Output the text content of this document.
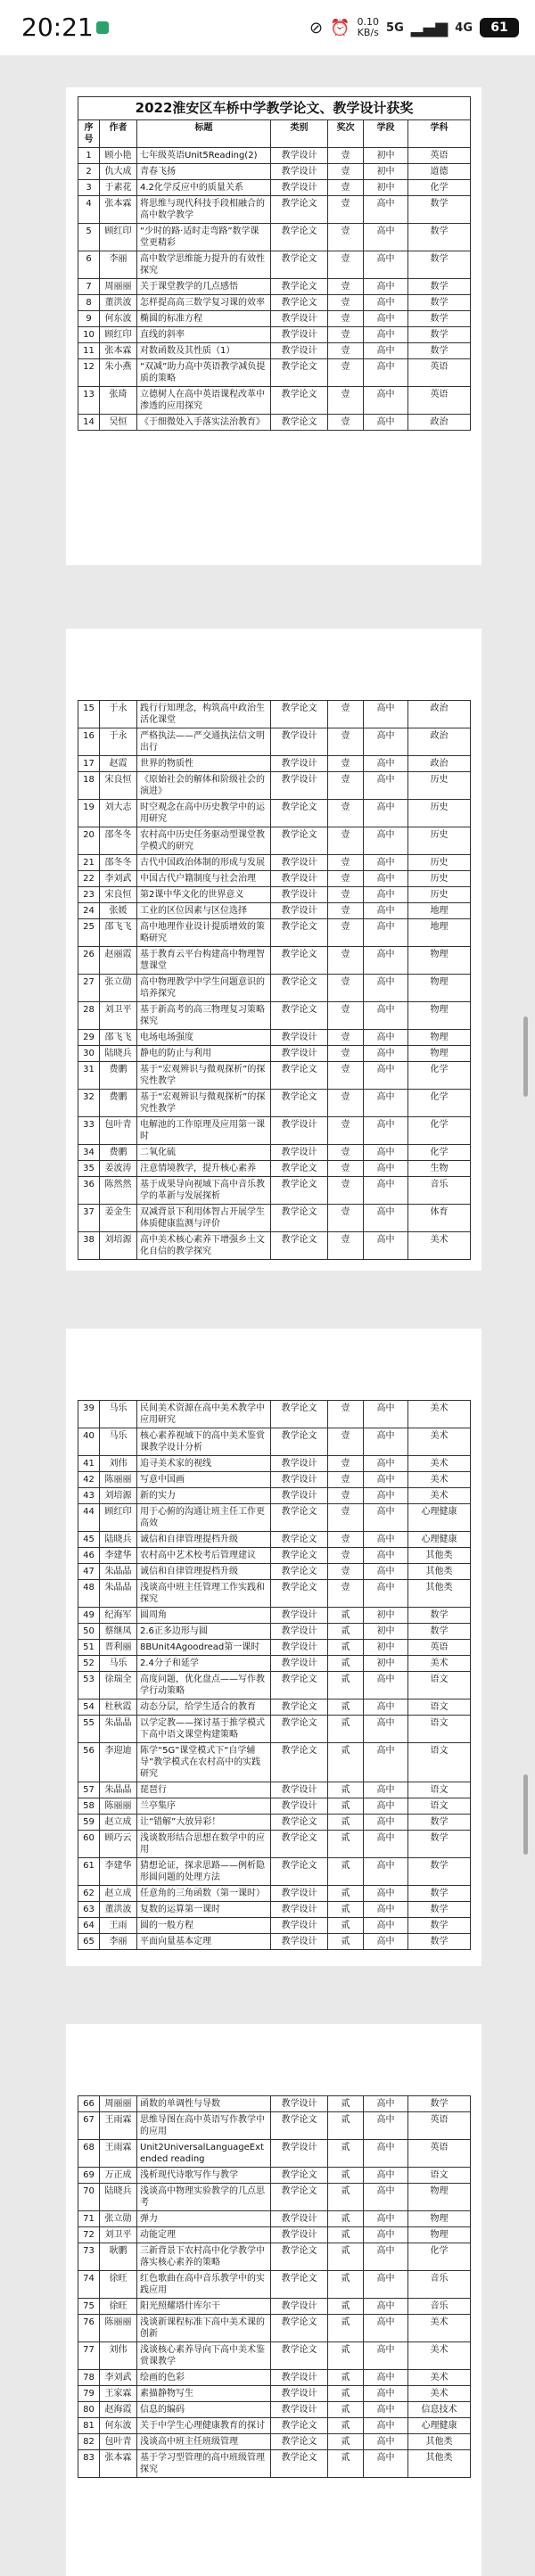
20:21	⊘ ⏰ 0.10
KB/s 5G ▂▄▆ 4G	61
2022淮安区车桥中学教学论文、教学设计获奖						
序号	作者	标题	类别	奖次	学段	学科
1	顾小艳	七年级英语Unit5Reading(2)	教学设计	壹	初中	英语
2	仇大成	青春飞扬	教学设计	壹	初中	道德
3	于素花	4.2化学反应中的质量关系	教学设计	壹	初中	化学
4	张本霖	将思维与现代科技手段相融合的高中数学教学	教学论文	壹	高中	数学
5	顾红印	“少时的路·适时走弯路”数学课堂更精彩	教学论文	壹	高中	数学
6	李丽	高中数学思维能力提升的有效性探究	教学论文	壹	高中	数学
7	周丽丽	关于课堂教学的几点感悟	教学论文	壹	高中	数学
8	董洪波	怎样提高高三数学复习课的效率	教学论文	壹	高中	数学
9	何东波	椭圆的标准方程	教学设计	壹	高中	数学
10	顾红印	直线的斜率	教学设计	壹	高中	数学
11	张本霖	对数函数及其性质（1）	教学设计	壹	高中	数学
12	朱小燕	“双减”助力高中英语教学减负提质的策略	教学论文	壹	高中	英语
13	张琦	立德树人在高中英语课程改革中渗透的应用探究	教学论文	壹	高中	英语
14	吴恒	《于细微处入手落实法治教育》	教学论文	壹	高中	政治
15	于永	践行行知理念，构筑高中政治生活化课堂	教学论文	壹	高中	政治
16	于永	严格执法——严交通执法信文明出行	教学设计	壹	高中	政治
17	赵霞	世界的物质性	教学设计	壹	高中	政治
18	宋良恒	《原始社会的解体和阶级社会的演进》	教学设计	壹	高中	历史
19	刘大志	时空观念在高中历史教学中的运用研究	教学论文	壹	高中	历史
20	邵冬冬	农村高中历史任务驱动型课堂教学模式的研究	教学论文	壹	高中	历史
21	邵冬冬	古代中国政治体制的形成与发展	教学设计	壹	高中	历史
22	李刘武	中国古代户籍制度与社会治理	教学设计	壹	高中	历史
23	宋良恒	第2课中华文化的世界意义	教学设计	壹	高中	历史
24	张媛	工业的区位因素与区位选择	教学设计	壹	高中	地理
25	邵飞飞	高中地理作业设计提质增效的策略研究	教学论文	壹	高中	地理
26	赵丽霞	基于教育云平台构建高中物理智慧课堂	教学论文	壹	高中	物理
27	张立勋	高中物理教学中学生问题意识的培养探究	教学论文	壹	高中	物理
28	刘卫平	基于新高考的高三物理复习策略探究	教学论文	壹	高中	物理
29	邵飞飞	电场电场强度	教学设计	壹	高中	物理
30	陆晓兵	静电的防止与利用	教学设计	壹	高中	物理
31	费鹏	基于“宏观辨识与微观探析”的探究性教学	教学论文	壹	高中	化学
32	费鹏	基于“宏观辨识与微观探析”的探究性教学	教学论文	壹	高中	化学
33	包叶青	电解池的工作原理及应用第一课时	教学设计	壹	高中	化学
34	费鹏	二氧化硫	教学设计	壹	高中	化学
35	姜波涛	注意情境教学，提升核心素养	教学论文	壹	高中	生物
36	陈然然	基于成果导向视域下高中音乐教学的革新与发展探析	教学论文	壹	高中	音乐
37	姜金生	双减背景下利用体智占开展学生体质健康监测与评价	教学论文	壹	高中	体育
38	刘培源	高中美术核心素养下增强乡土文化自信的教学探究	教学论文	壹	高中	美术
39	马乐	民间美术资源在高中美术教学中应用研究	教学论文	壹	高中	美术
40	马乐	核心素养视域下的高中美术鉴赏课教学设计分析	教学论文	壹	高中	美术
41	刘伟	追寻美术家的视线	教学设计	壹	高中	美术
42	陈丽丽	写意中国画	教学设计	壹	高中	美术
43	刘培源	新的实力	教学设计	壹	高中	美术
44	顾红印	用于心俯的沟通让班主任工作更高效	教学论文	壹	高中	心理健康
45	陆晓兵	诚信和自律管理提档升级	教学论文	壹	高中	心理健康
46	李建华	农村高中艺术校考后管理建议	教学论文	壹	高中	其他类
47	朱晶晶	诚信和自律管理提档升级	教学论文	壹	高中	其他类
48	朱晶晶	浅谈高中班主任管理工作实践和探究	教学论文	壹	高中	其他类
49	纪海军	圆周角	教学设计	贰	初中	数学
50	蔡继凤	2.6正多边形与圆	教学设计	贰	初中	数学
51	晋利丽	8BUnit4Agoodread第一课时	教学设计	贰	初中	英语
52	马乐	2.4分子和延学	教学设计	贰	初中	美术
53	徐瑞全	高度问题，优化盘点——写作教学行动策略	教学论文	贰	高中	语文
54	杜秋霞	动态分层，给学生适合的教育	教学论文	贰	高中	语文
55	朱晶晶	以学定教——探讨基于推学模式下高中语文课堂构建策略	教学论文	贰	高中	语文
56	李迎迪	陈学“5G”课堂模式下“自学辅导”教学模式在农村高中的实践研究	教学论文	贰	高中	语文
57	朱晶晶	琵琶行	教学设计	贰	高中	语文
58	陈丽丽	兰亭集序	教学设计	贰	高中	语文
59	赵立成	让“错解”大放异彩！	教学论文	贰	高中	数学
60	顾巧云	浅谈数形结合思想在数学中的应用	教学论文	贰	高中	数学
61	李建华	猜想论证，探求思路——例析隐形圆问题的处理方法	教学论文	贰	高中	数学
62	赵立成	任意角的三角函数（第一课时）	教学设计	贰	高中	数学
63	董洪波	复数的运算第一课时	教学设计	贰	高中	数学
64	王雨	圆的一般方程	教学设计	贰	高中	数学
65	李丽	平面向量基本定理	教学设计	贰	高中	数学
66	周丽丽	函数的单调性与导数	教学设计	贰	高中	数学
67	王雨霖	思维导图在高中英语写作教学中的应用	教学论文	贰	高中	英语
68	王雨霖	Unit2UniversalLanguageExtended reading	教学设计	贰	高中	英语
69	万正成	浅析现代诗歌写作与教学	教学论文	贰	高中	语文
70	陆晓兵	浅谈高中物理实验教学的几点思考	教学论文	贰	高中	物理
71	张立勋	弹力	教学设计	贰	高中	物理
72	刘卫平	动能定理	教学设计	贰	高中	物理
73	耿鹏	三新背景下农村高中化学教学中落实核心素养的策略	教学论文	贰	高中	化学
74	徐旺	红色歌曲在高中音乐教学中的实践应用	教学论文	贰	高中	音乐
75	徐旺	阳光照耀塔什库尔干	教学设计	贰	高中	音乐
76	陈丽丽	浅谈新课程标准下高中美术课的创新	教学论文	贰	高中	美术
77	刘伟	浅谈核心素养导向下高中美术鉴赏课教学	教学论文	贰	高中	美术
78	李刘武	绘画的色彩	教学设计	贰	高中	美术
79	王家霖	素描静物写生	教学设计	贰	高中	美术
80	赵海霞	信息的编码	教学设计	贰	高中	信息技术
81	何东波	关于中学生心理健康教育的探讨	教学论文	贰	高中	心理健康
82	包叶青	浅谈高中班主任班级管理	教学论文	贰	高中	其他类
83	张本霖	基于学习型管理的高中班级管理探究	教学论文	贰	高中	其他类
